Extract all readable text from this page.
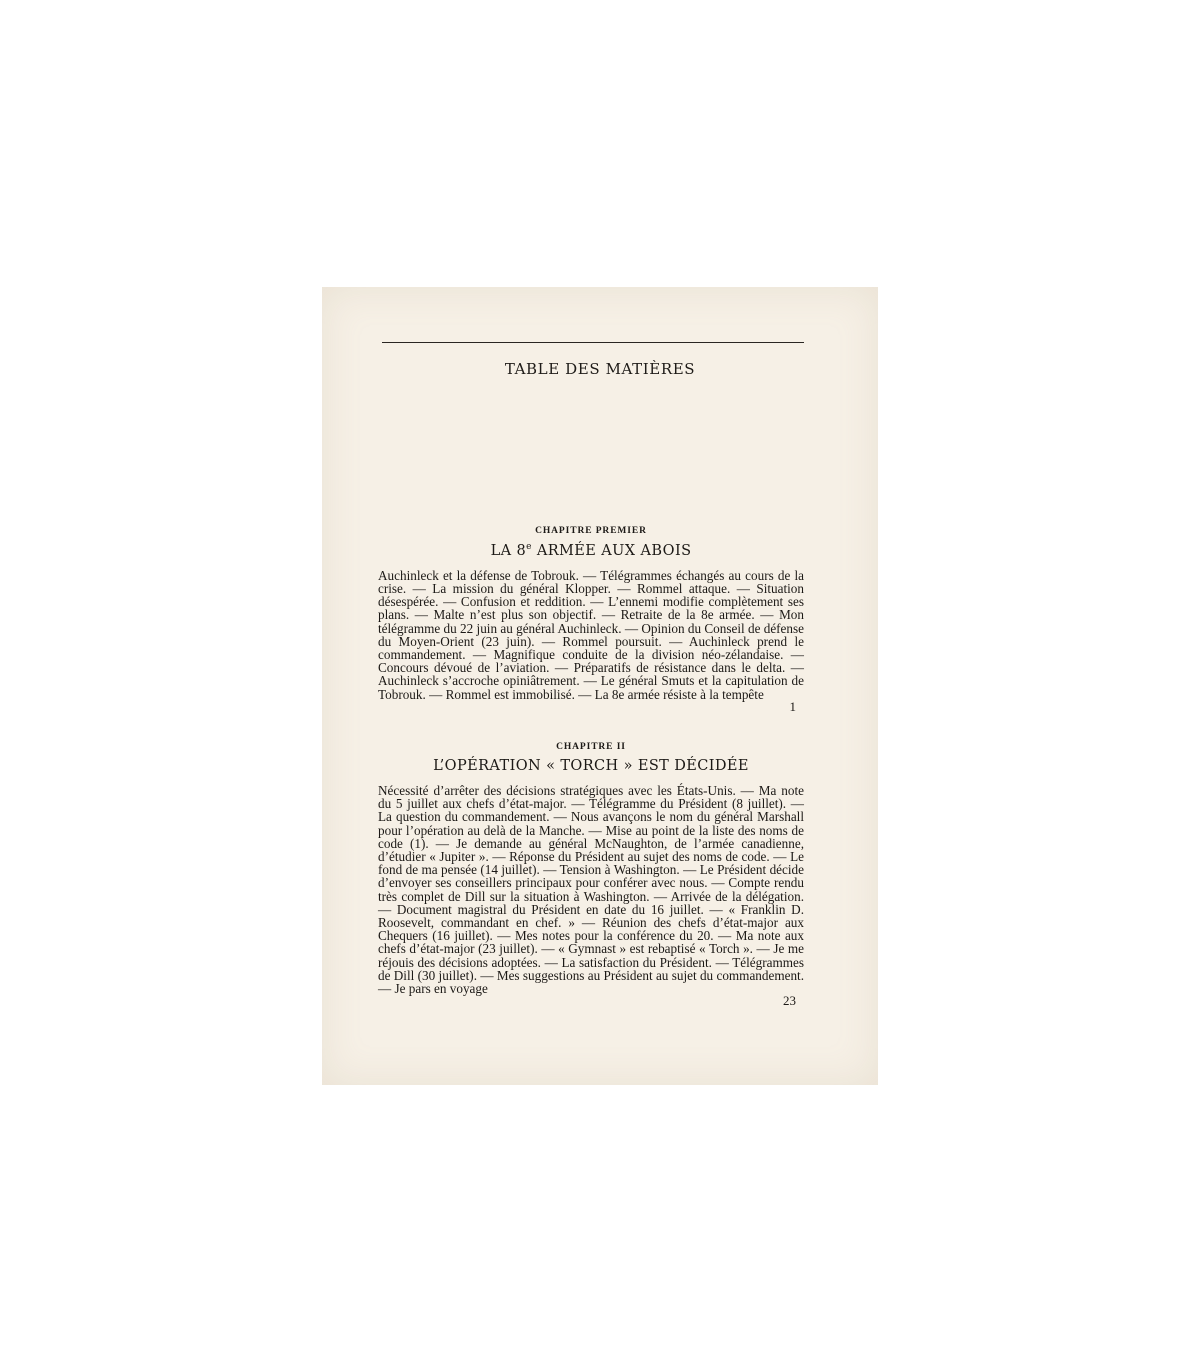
TABLE DES MATIÈRES
CHAPITRE PREMIER
LA 8e ARMÉE AUX ABOIS

Auchinleck et la défense de Tobrouk. — Télégrammes échangés au cours de la crise. — La mission du général Klopper. — Rommel attaque. — Situation désespérée. — Confusion et reddition. — L’ennemi modifie complètement ses plans. — Malte n’est plus son objectif. — Retraite de la 8e armée. — Mon télégramme du 22 juin au général Auchinleck. — Opinion du Conseil de défense du Moyen-Orient (23 juin). — Rommel poursuit. — Auchinleck prend le commandement. — Magnifique conduite de la division néo-zélandaise. — Concours dévoué de l’aviation. — Préparatifs de résistance dans le delta. — Auchinleck s’accroche opiniâtrement. — Le général Smuts et la capitulation de Tobrouk. — Rommel est immobilisé. — La 8e armée résiste à la tempête

1
CHAPITRE II
L’OPÉRATION « TORCH » EST DÉCIDÉE

Nécessité d’arrêter des décisions stratégiques avec les États-Unis. — Ma note du 5 juillet aux chefs d’état-major. — Télégramme du Président (8 juillet). — La question du commandement. — Nous avançons le nom du général Marshall pour l’opération au delà de la Manche. — Mise au point de la liste des noms de code (1). — Je demande au général McNaughton, de l’armée canadienne, d’étudier « Jupiter ». — Réponse du Président au sujet des noms de code. — Le fond de ma pensée (14 juillet). — Tension à Washington. — Le Président décide d’envoyer ses conseillers principaux pour conférer avec nous. — Compte rendu très complet de Dill sur la situation à Washington. — Arrivée de la délégation. — Document magistral du Président en date du 16 juillet. — « Franklin D. Roosevelt, commandant en chef. » — Réunion des chefs d’état-major aux Chequers (16 juillet). — Mes notes pour la conférence du 20. — Ma note aux chefs d’état-major (23 juillet). — « Gymnast » est rebaptisé « Torch ». — Je me réjouis des décisions adoptées. — La satisfaction du Président. — Télégrammes de Dill (30 juillet). — Mes suggestions au Président au sujet du commandement. — Je pars en voyage

23
